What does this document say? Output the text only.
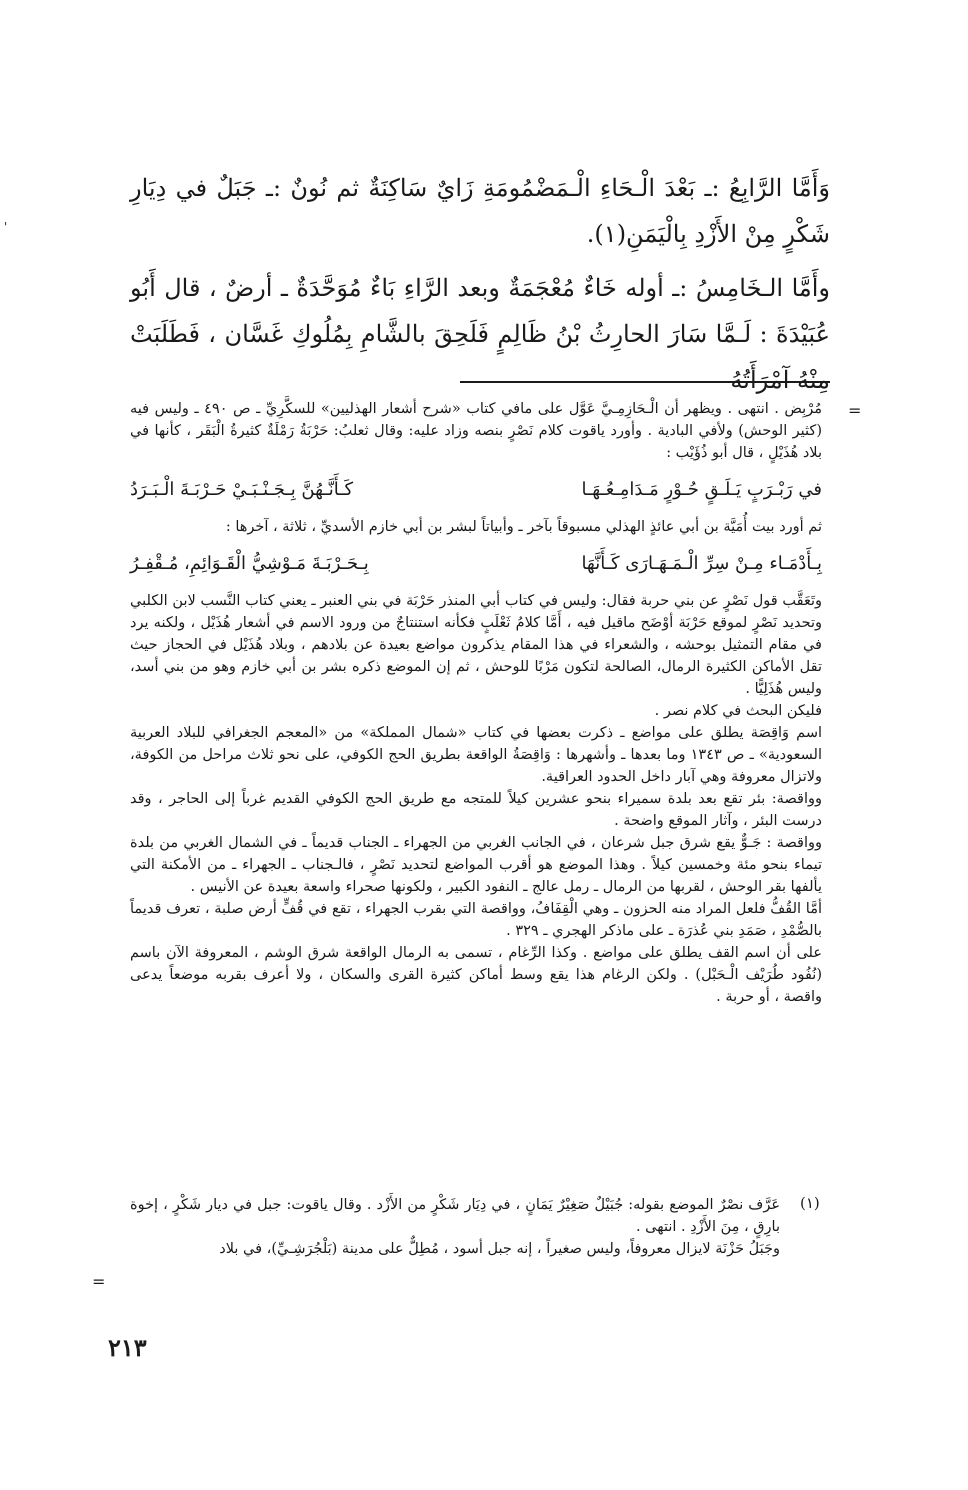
'

وَأَمَّا الرَّابِعُ :ـ بَعْدَ الْـحَاءِ الْـمَضْمُومَةِ زَايٌ سَاكِنَةٌ ثم نُونٌ :ـ جَبَلٌ في دِيَارِ شَكْرٍ مِنْ الأَزْدِ بِالْيَمَنِ(١).

وأَمَّا الـخَامِسُ :ـ أوله خَاءٌ مُعْجَمَةٌ وبعد الرَّاءِ بَاءٌ مُوَحَّدَةٌ ـ أرضٌ ، قال أَبُو عُبَيْدَةَ : لَـمَّا سَارَ الحارِثُ بْنُ ظَالِمٍ فَلَحِقَ بالشَّامِ بِمُلُوكِ غَسَّان ، فَطَلَبَتْ مِنْهُ آمْرَأَتُهُ

=

مُرْبِض . انتهى . ويظهر أن الْـحَازِمِـيَّ عَوَّل على مافي كتاب «شرح أشعار الهذليين» للسكَّرِيِّ ـ ص ٤٩٠ ـ وليس فيه (كثير الوحش) ولأفي البادية . وأورد ياقوت كلام نَصْرٍ بنصه وزاد عليه: وقال ثعلبُ: حَرْبَةُ رَمْلَةٌ كثيرةُ الْبَقَر ، كأنها في بلاد هُذَيْلٍ ، قال أبو ذُؤَيْب :

في رَبْـرَبٍ يَـلَـقٍ حُـوْرٍ مَـدَامِـعُـهَـا
كَـأَنَّـهُنَّ بِـجَـنْـبَـيْ حَـرْبَـةَ الْـبَـرَدُ

ثم أورد بيت أُمَيَّة بن أبي عائذٍ الهذلي مسبوقاً بآخر ـ وأبياتاً لبشر بن أبي خازم الأسديِّ ، ثلاثة ، آخرها :

بِـأَدْمَـاء مِـنْ سِرِّ الْـمَـهَـارَى كَـأَنَّهَا
بِـحَـرْبَـةَ مَـوْشِيُّ الْقَـوَائِمِ، مُـقْفِـرُ

وتَعَقَّب قول نَصْرٍ عن بني حربة فقال: وليس في كتاب أبي المنذر حَرْبَة في بني العنبر ـ يعني كتاب النَّسب لابن الكلبي وتحديد نَصْرٍ لموقع حَرْبَة أوْضَح ماقيل فيه ، أَمَّا كلامُ ثَعْلَبٍ فكأنه استنتاجٌ من ورود الاسم في أشعار هُذَيْل ، ولكنه يرد في مقام التمثيل بوحشه ، والشعراء في هذا المقام يذكرون مواضع بعيدة عن بلادهم ، وبلاد هُذَيْل في الحجاز حيث تقل الأماكن الكثيرة الرمال، الصالحة لتكون مَرْبًا للوحش ، ثم إن الموضع ذكره بشر بن أبي خازم وهو من بني أسد، وليس هُذَلِيًّا .

فليكن البحث في كلام نصر .

اسم وَاقِصَة يطلق على مواضع ـ ذكرت بعضها في كتاب «شمال المملكة» من «المعجم الجغرافي للبلاد العربية السعودية» ـ ص ١٣٤٣ وما بعدها ـ وأشهرها : وَاقِصَةُ الواقعة بطريق الحج الكوفي، على نحو ثلاث مراحل من الكوفة، ولاتزال معروفة وهي آبار داخل الحدود العراقية.

وواقصة: بئر تقع بعد بلدة سميراء بنحو عشرين كيلاً للمتجه مع طريق الحج الكوفي القديم غرباً إلى الحاجر ، وقد درست البئر ، وآثار الموقع واضحة .

وواقصة : جَـوٌّ يقع شرق جبل شرعان ، في الجانب الغربي من الجهراء ـ الجناب قديماً ـ في الشمال الغربي من بلدة تيماء بنحو مئة وخمسين كيلاً . وهذا الموضع هو أقرب المواضع لتحديد نَصْرٍ ، فالـجناب ـ الجهراء ـ من الأمكنة التي يألفها بقر الوحش ، لقربها من الرمال ـ رمل عالج ـ النفود الكبير ، ولكونها صحراء واسعة بعيدة عن الأنيس .

أمَّا القُفُّ فلعل المراد منه الحزون ـ وهي الْقِفَافُ، وواقصة التي بقرب الجهراء ، تقع في قُفٍّ أرض صلبة ، تعرف قديماً بالصُّمْدِ ، صَمَدِ بني عُذرَة ـ على ماذكر الهجري ـ ٣٢٩ .

على أن اسم القف يطلق على مواضع . وكذا الرِّغام ، تسمى به الرمال الواقعة شرق الوشم ، المعروفة الآن باسم (نُفُود طُرَيْف الْـحَبْل) . ولكن الرغام هذا يقع وسط أماكن كثيرة القرى والسكان ، ولا أعرف بقربه موضعاً يدعى واقصة ، أو حربة .

(١)

عَرَّف نصْرٌ الموضع بقوله: جُبَيْلٌ صَغِيْرٌ يَمَانٍ ، في دِيَار شَكْرٍ من الأَزْد . وقال ياقوت: جبل في ديار شَكْرٍ ، إخوة بارِقٍ ، مِنَ الأَزْدِ . انتهى .

وجَبَلُ حَزْنَة لايزال معروفاً، وليس صغيراً ، إنه جبل أسود ، مُطِلٌّ على مدينة (بَلْجُرَشِـيِّ)، في بلاد

=
٢١٣
